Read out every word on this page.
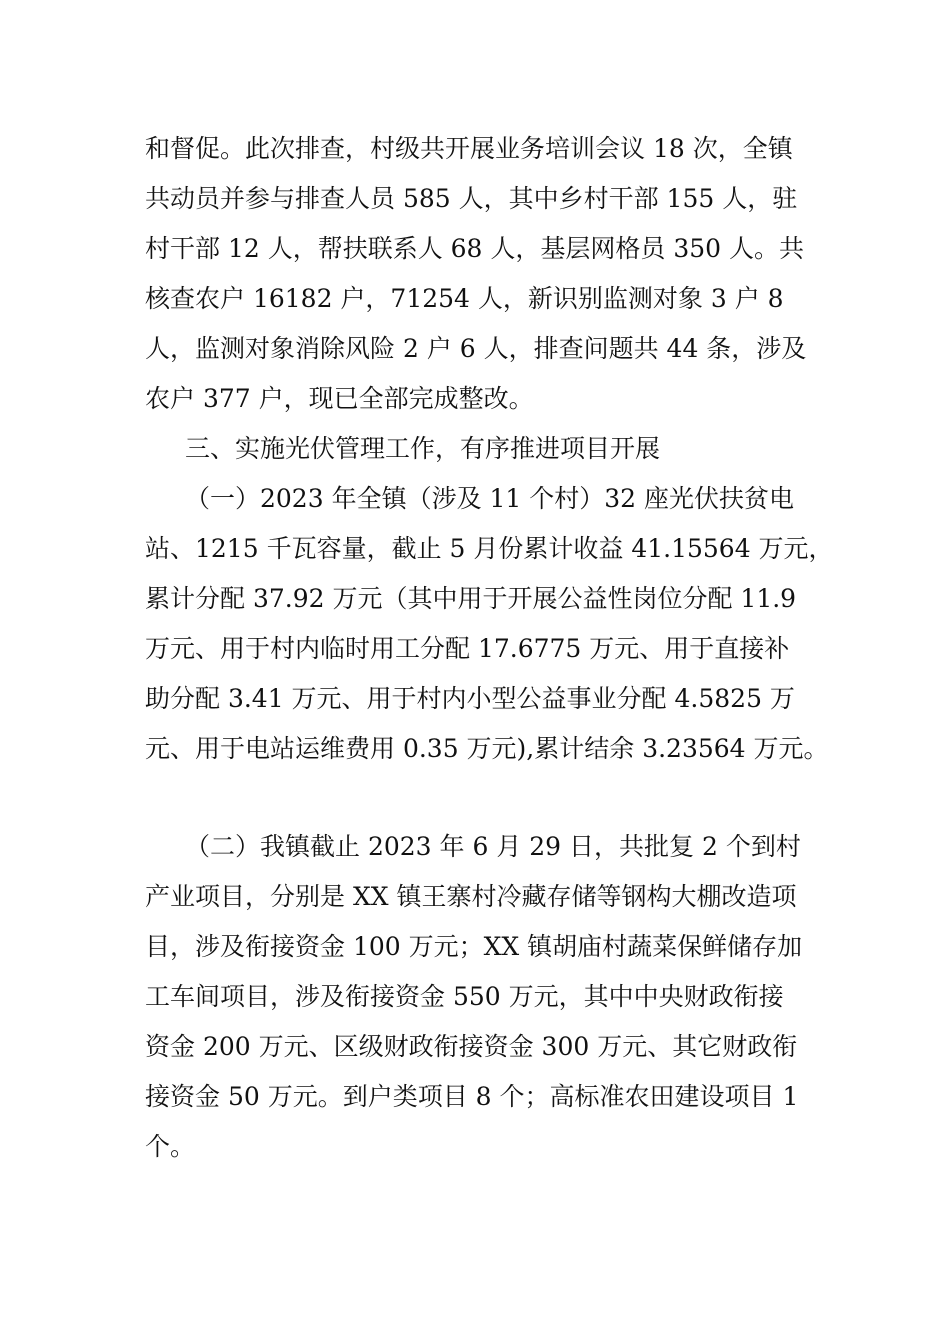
和督促。此次排查，村级共开展业务培训会议 18 次，全镇

共动员并参与排查人员 585 人，其中乡村干部 155 人，驻

村干部 12 人，帮扶联系人 68 人，基层网格员 350 人。共

核查农户 16182 户，71254 人，新识别监测对象 3 户 8

人，监测对象消除风险 2 户 6 人，排查问题共 44 条，涉及

农户 377 户，现已全部完成整改。

三、实施光伏管理工作，有序推进项目开展

（一）2023 年全镇（涉及 11 个村）32 座光伏扶贫电

站、1215 千瓦容量，截止 5 月份累计收益 41.15564 万元，

累计分配 37.92 万元（其中用于开展公益性岗位分配 11.9

万元、用于村内临时用工分配 17.6775 万元、用于直接补

助分配 3.41 万元、用于村内小型公益事业分配 4.5825 万

元、用于电站运维费用 0.35 万元),累计结余 3.23564 万元。

（二）我镇截止 2023 年 6 月 29 日，共批复 2 个到村

产业项目，分别是 XX 镇王寨村冷藏存储等钢构大棚改造项

目，涉及衔接资金 100 万元；XX 镇胡庙村蔬菜保鲜储存加

工车间项目，涉及衔接资金 550 万元，其中中央财政衔接

资金 200 万元、区级财政衔接资金 300 万元、其它财政衔

接资金 50 万元。到户类项目 8 个；高标准农田建设项目 1

个。
